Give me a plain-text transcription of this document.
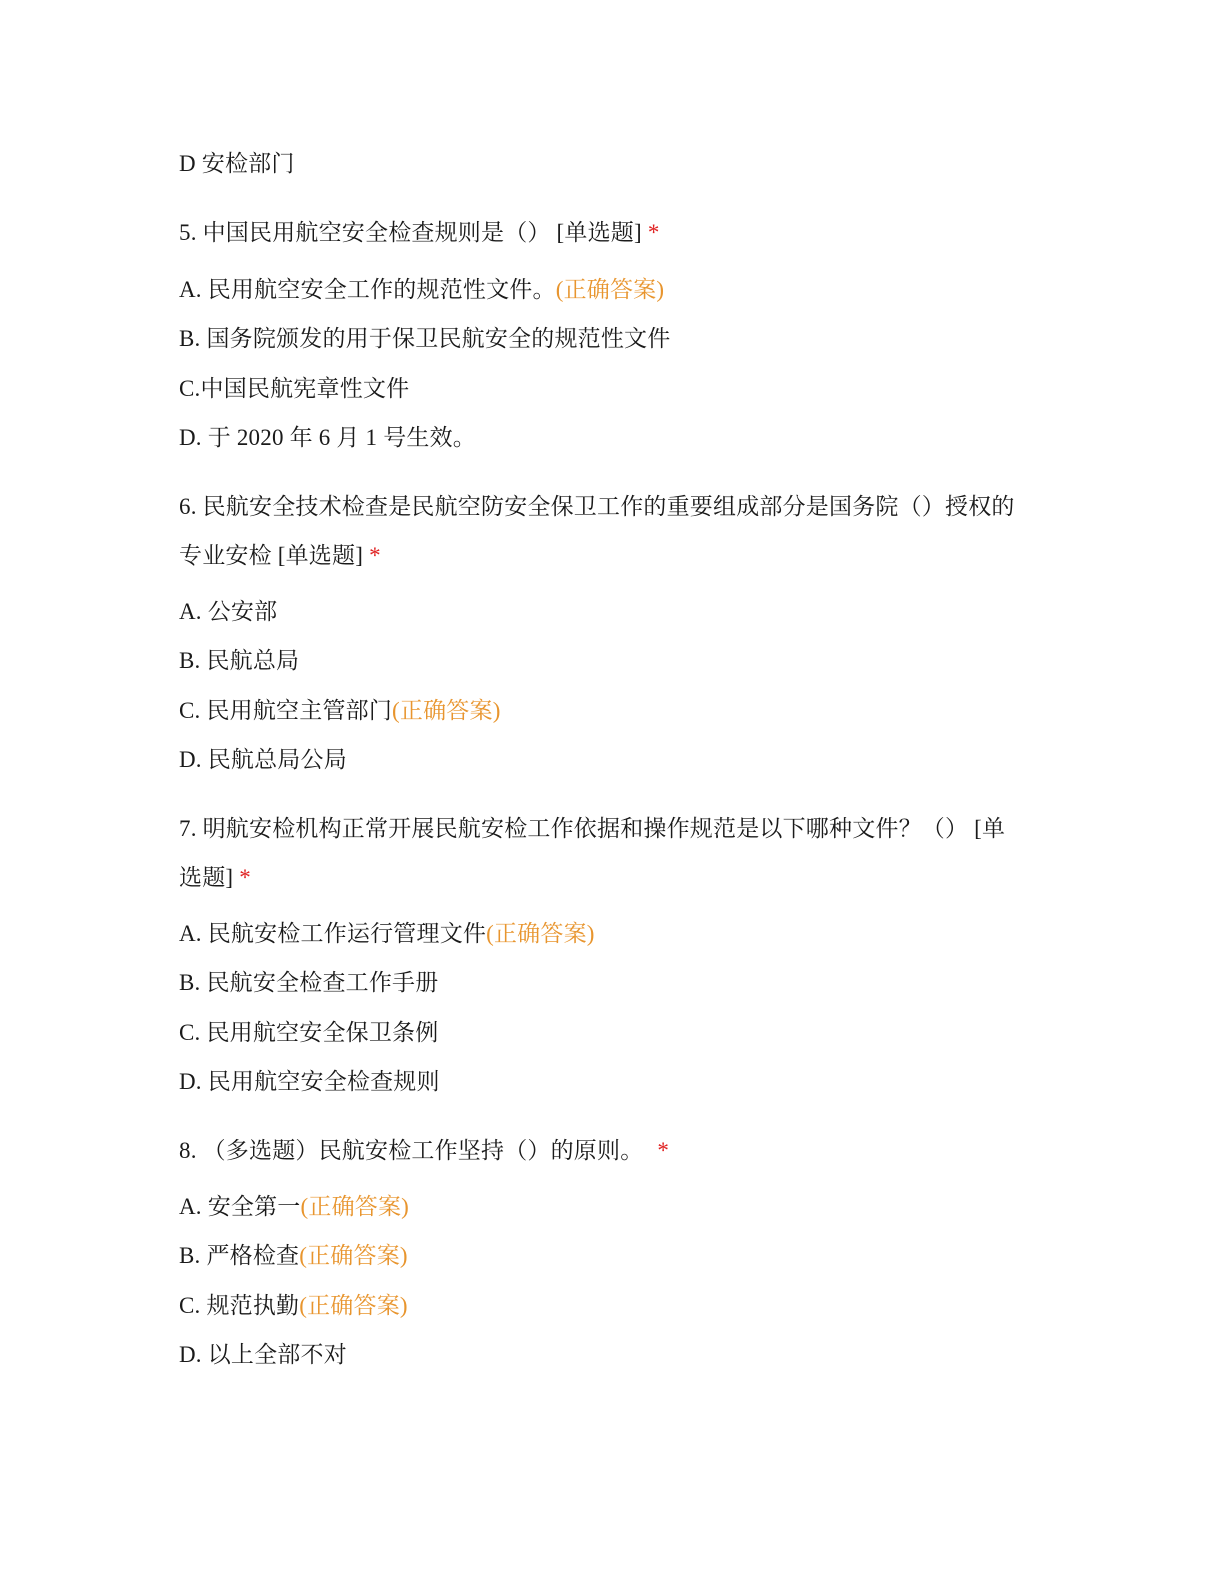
D 安检部门
5. 中国民用航空安全检查规则是（） [单选题] *
A. 民用航空安全工作的规范性文件。(正确答案)
B. 国务院颁发的用于保卫民航安全的规范性文件
C.中国民航宪章性文件
D. 于 2020 年 6 月 1 号生效。
6. 民航安全技术检查是民航空防安全保卫工作的重要组成部分是国务院（）授权的
专业安检 [单选题] *
A. 公安部
B. 民航总局
C. 民用航空主管部门(正确答案)
D. 民航总局公局
7. 明航安检机构正常开展民航安检工作依据和操作规范是以下哪种文件？（） [单
选题] *
A. 民航安检工作运行管理文件(正确答案)
B. 民航安全检查工作手册
C. 民用航空安全保卫条例
D. 民用航空安全检查规则
8. （多选题）民航安检工作坚持（）的原则。 *
A. 安全第一(正确答案)
B. 严格检查(正确答案)
C. 规范执勤(正确答案)
D. 以上全部不对
